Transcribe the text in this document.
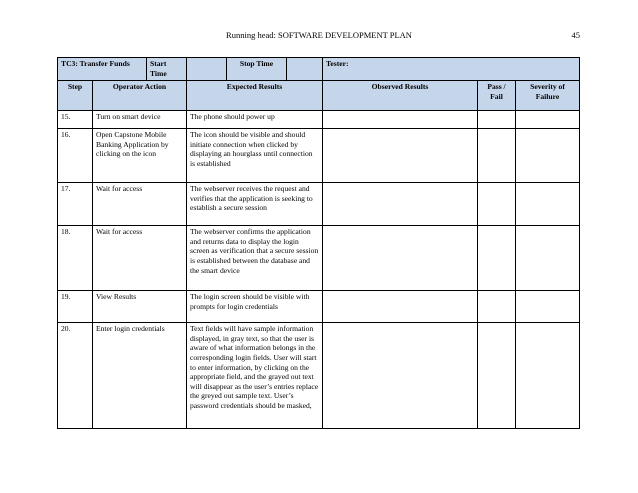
Running head: SOFTWARE DEVELOPMENT PLAN	45
TC3: Transfer Funds		Start Time		Stop Time		Tester:		
Step	Operator Action		Expected Results			Observed Results	Pass / Fail	Severity of Failure
15.	Turn on smart device		The phone should power up					
16.	Open Capstone Mobile Banking Application by clicking on the icon		The icon should be visible and should initiate connection when clicked by displaying an hourglass until connection is established					
17.	Wait for access		The webserver receives the request and verifies that the application is seeking to establish a secure session					
18.	Wait for access		The webserver confirms the application and returns data to display the login screen as verification that a secure session is established between the database and the smart device					
19.	View Results		The login screen should be visible with prompts for login credentials					
20.	Enter login credentials		Text fields will have sample information displayed, in gray text, so that the user is aware of what information belongs in the corresponding login fields. User will start to enter information, by clicking on the appropriate field, and the grayed out text will disappear as the user’s entries replace the greyed out sample text. User’s password credentials should be masked,					
